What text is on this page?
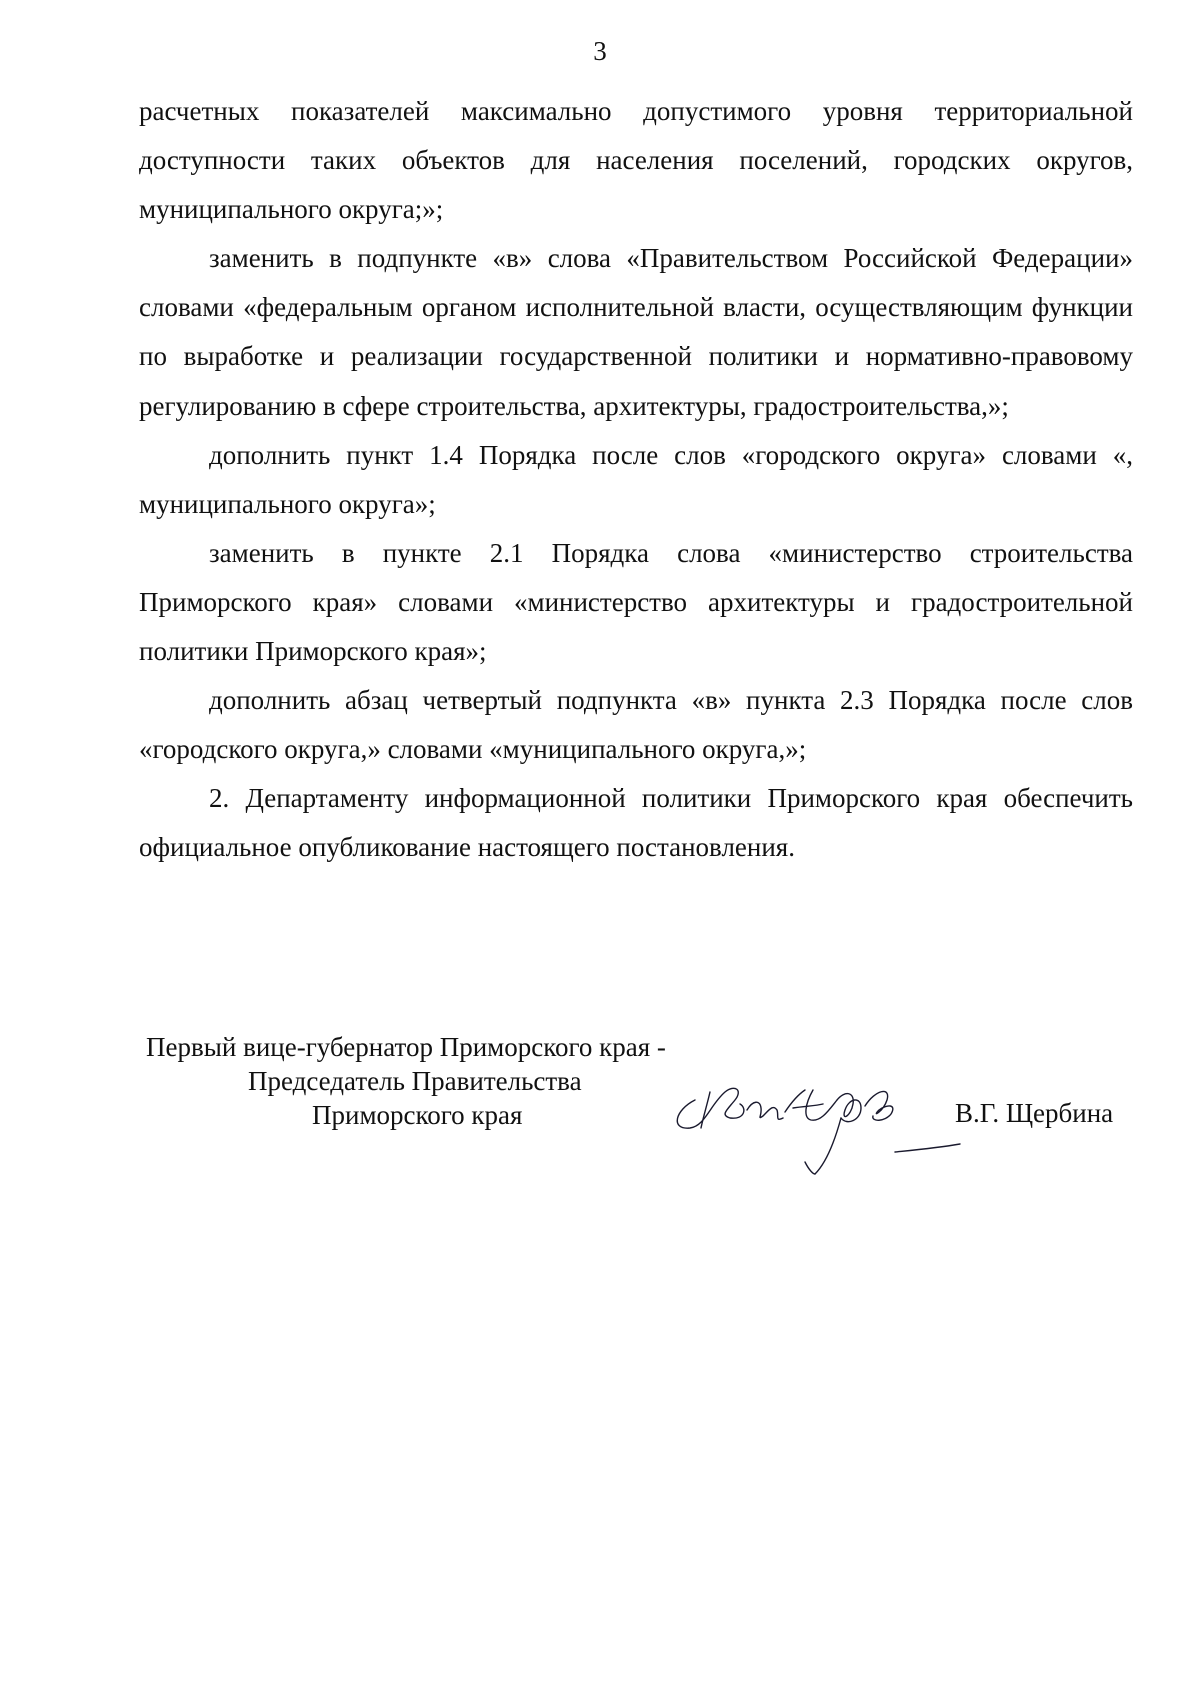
3

расчетных показателей максимально допустимого уровня территориальной доступности таких объектов для населения поселений, городских округов, муниципального округа;»;

заменить в подпункте «в» слова «Правительством Российской Федерации» словами «федеральным органом исполнительной власти, осуществляющим функции по выработке и реализации государственной политики и нормативно-правовому регулированию в сфере строительства, архитектуры, градостроительства,»;

дополнить пункт 1.4 Порядка после слов «городского округа» словами «, муниципального округа»;

заменить в пункте 2.1 Порядка слова «министерство строительства Приморского края» словами «министерство архитектуры и градостроительной политики Приморского края»;

дополнить абзац четвертый подпункта «в» пункта 2.3 Порядка после слов «городского округа,» словами «муниципального округа,»;

2. Департаменту информационной политики Приморского края обеспечить официальное опубликование настоящего постановления.

Первый вице-губернатор Приморского края -
Председатель Правительства
Приморского края	В.Г. Щербина
